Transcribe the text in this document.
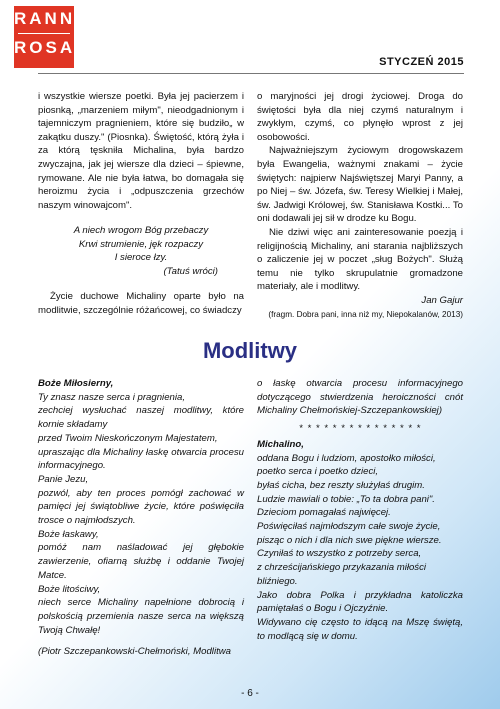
RANNA
ROSA
STYCZEŃ 2015

i wszystkie wiersze poetki. Była jej pacierzem i piosnką, „marzeniem miłym", nieodgadnionym i tajemniczym pragnieniem, które się budziło„ w zakątku duszy." (Piosnka). Świętość, którą żyła i za którą tęskniła Michalina, była bardzo zwyczajna, jak jej wiersze dla dzieci – śpiewne, rymowane. Ale nie była łatwa, bo domagała się heroizmu życia i „odpuszczenia grzechów naszym winowajcom".

A niech wrogom Bóg przebaczy
Krwi strumienie, jęk rozpaczy
I sieroce łzy.
(Tatuś wróci)

Życie duchowe Michaliny oparte było na modlitwie, szczególnie różańcowej, co świadczy

o maryjności jej drogi życiowej. Droga do świętości była dla niej czymś naturalnym i zwykłym, czymś, co płynęło wprost z jej osobowości.

Najważniejszym życiowym drogowskazem była Ewangelia, ważnymi znakami – życie świętych: najpierw Najświętszej Maryi Panny, a po Niej – św. Józefa, św. Teresy Wielkiej i Małej, św. Jadwigi Królowej, św. Stanisława Kostki... To oni dodawali jej sił w drodze ku Bogu.

Nie dziwi więc ani zainteresowanie poezją i religijnością Michaliny, ani starania najbliższych o zaliczenie jej w poczet „sług Bożych". Służą temu nie tylko skrupulatnie gromadzone materiały, ale i modlitwy.

Jan Gajur

(fragm. Dobra pani, inna niż my, Niepokalanów, 2013)

Modlitwy
Boże Miłosierny,
Ty znasz nasze serca i pragnienia,
zechciej wysłuchać naszej modlitwy, które kornie składamy
przed Twoim Nieskończonym Majestatem,
upraszając dla Michaliny łaskę otwarcia procesu informacyjnego.
Panie Jezu,
pozwól, aby ten proces pomógł zachować w pamięci jej świątobliwe życie, które poświęciła trosce o najmłodszych.
Boże łaskawy,
pomóż nam naśladować jej głębokie zawierzenie, ofiarną służbę i oddanie Twojej Matce.
Boże litościwy,
niech serce Michaliny napełnione dobrocią i polskością przemienia nasze serca na większą Twoją Chwałę!
(Piotr Szczepankowski-Chełmoński, Modlitwa
o łaskę otwarcia procesu informacyjnego dotyczącego stwierdzenia heroiczności cnót Michaliny Chełmońskiej-Szczepankowskiej)
* * * * * * * * * * * * * * *
Michalino,
oddana Bogu i ludziom, apostołko miłości,
poetko serca i poetko dzieci,
byłaś cicha, bez reszty służyłaś drugim.
Ludzie mawiali o tobie: „To ta dobra pani".
Dzieciom pomagałaś najwięcej.
Poświęciłaś najmłodszym całe swoje życie,
pisząc o nich i dla nich swe piękne wiersze.
Czyniłaś to wszystko z potrzeby serca,
z chrześcijańskiego przykazania miłości bliźniego.
Jako dobra Polka i przykładna katoliczka pamiętałaś o Bogu i Ojczyźnie.
Widywano cię często to idącą na Mszę świętą, to modlącą się w domu.
- 6 -
